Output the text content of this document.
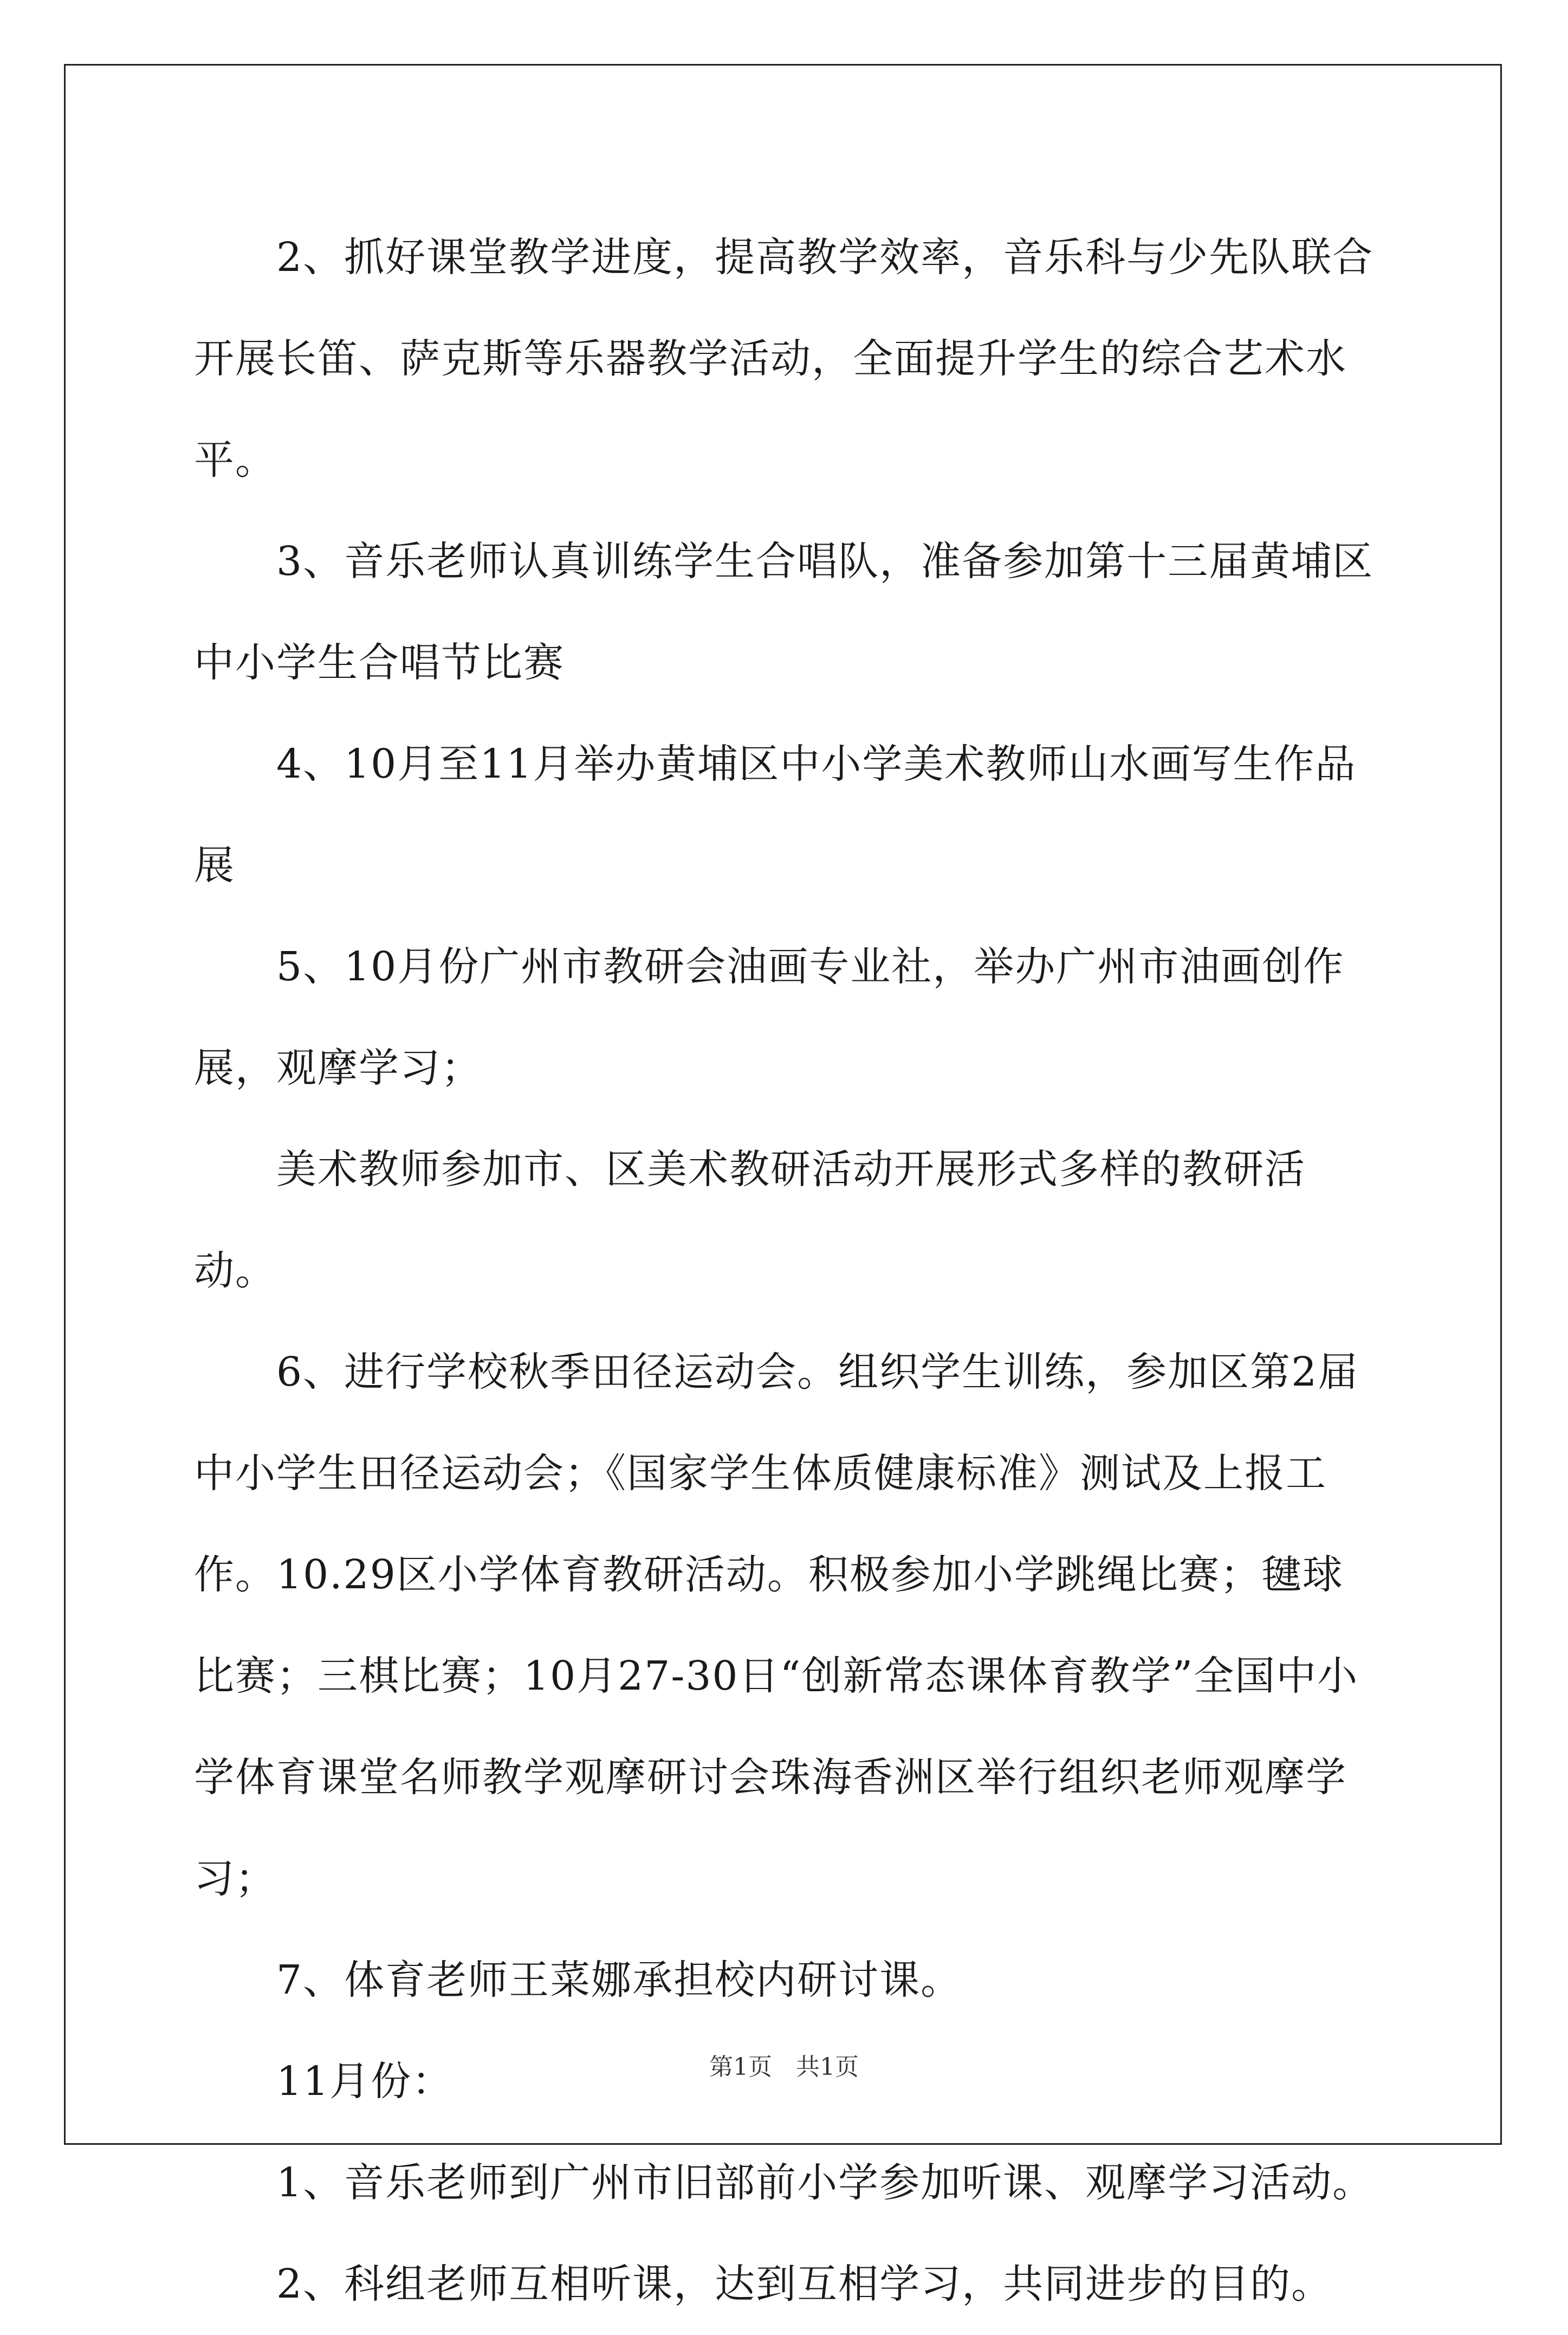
　　2、抓好课堂教学进度，提高教学效率，音乐科与少先队联合开展长笛、萨克斯等乐器教学活动，全面提升学生的综合艺术水平。

　　3、音乐老师认真训练学生合唱队，准备参加第十三届黄埔区中小学生合唱节比赛

　　4、10月至11月举办黄埔区中小学美术教师山水画写生作品展

　　5、10月份广州市教研会油画专业社，举办广州市油画创作展，观摩学习；

　　美术教师参加市、区美术教研活动开展形式多样的教研活动。

　　6、进行学校秋季田径运动会。组织学生训练，参加区第2届中小学生田径运动会；《国家学生体质健康标准》测试及上报工作。10.29区小学体育教研活动。积极参加小学跳绳比赛；毽球比赛；三棋比赛；10月27-30日“创新常态课体育教学”全国中小学体育课堂名师教学观摩研讨会珠海香洲区举行组织老师观摩学习；

　　7、体育老师王菜娜承担校内研讨课。

　　11月份：

　　1、音乐老师到广州市旧部前小学参加听课、观摩学习活动。

　　2、科组老师互相听课，达到互相学习，共同进步的目的。

第1页　共1页
